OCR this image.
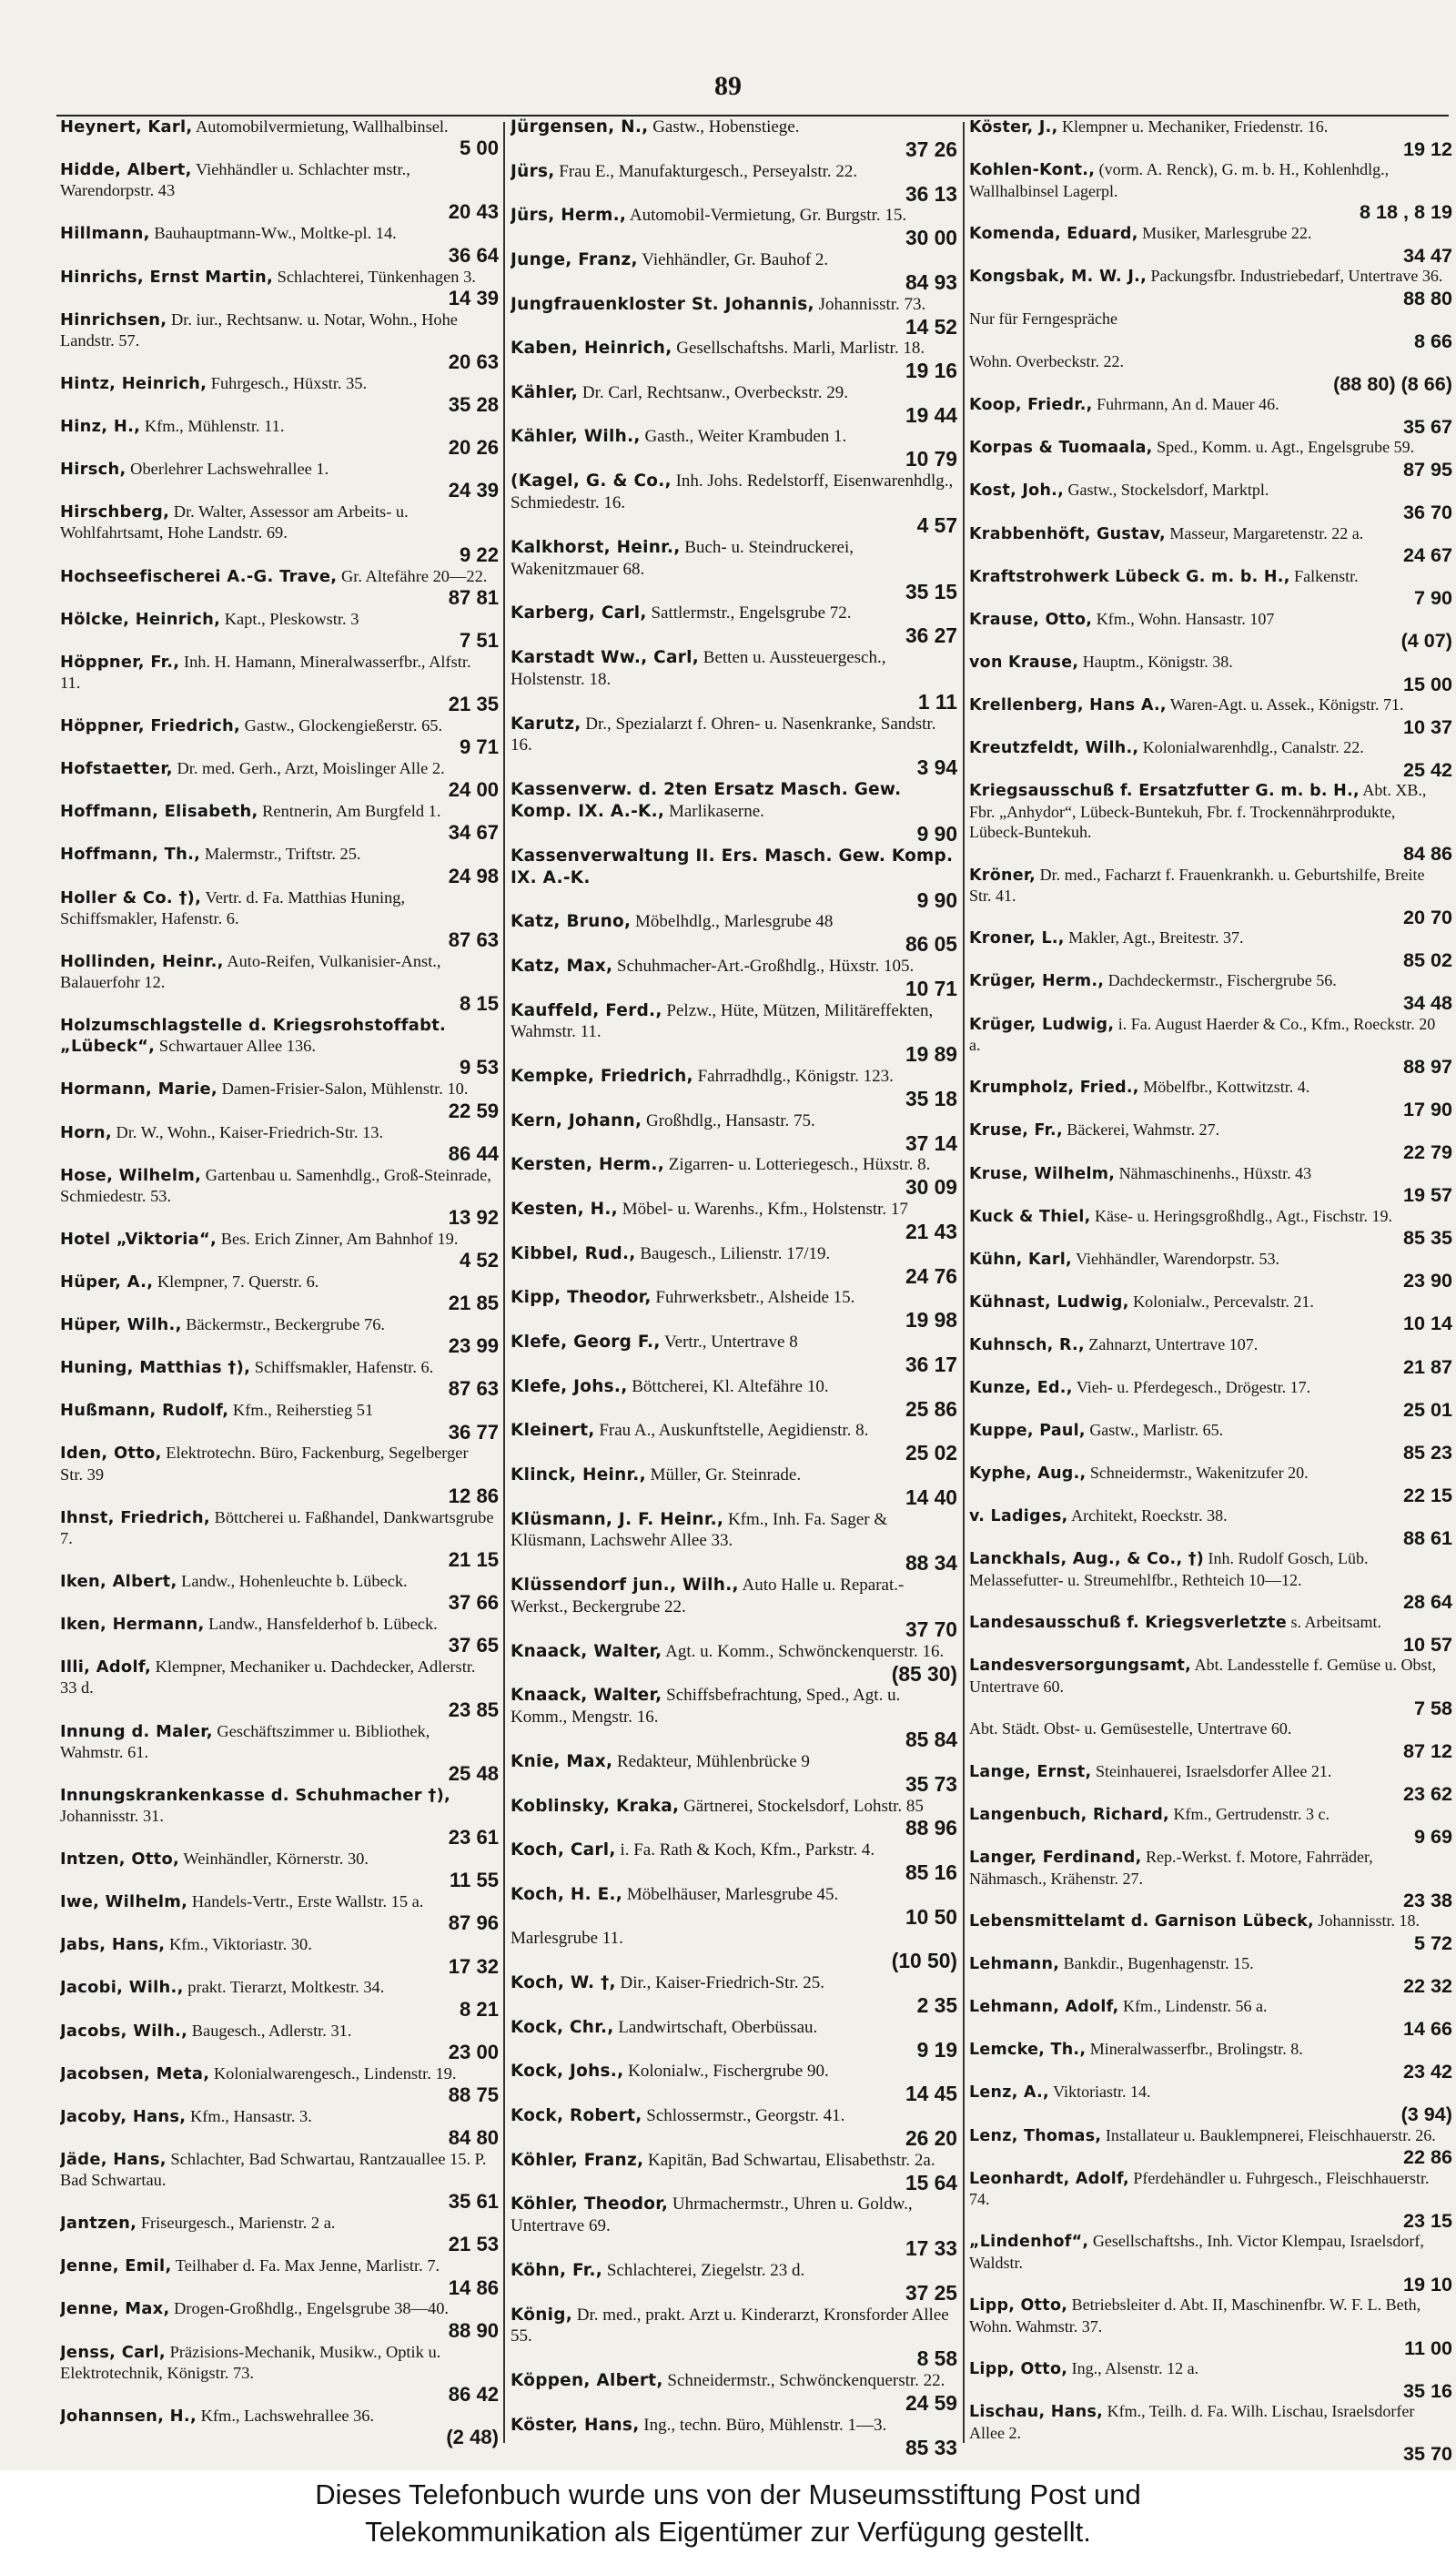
89
Heynert, Karl, Automobilvermietung, Wallhalbinsel.
5 00
Hidde, Albert, Viehhändler u. Schlachter mstr., Warendorpstr. 43
20 43
Hillmann, Bauhauptmann-Ww., Moltke-pl. 14.
36 64
Hinrichs, Ernst Martin, Schlachterei, Tünkenhagen 3.
14 39
Hinrichsen, Dr. iur., Rechtsanw. u. Notar, Wohn., Hohe Landstr. 57.
20 63
Hintz, Heinrich, Fuhrgesch., Hüxstr. 35.
35 28
Hinz, H., Kfm., Mühlenstr. 11.
20 26
Hirsch, Oberlehrer Lachswehrallee 1.
24 39
Hirschberg, Dr. Walter, Assessor am Arbeits- u. Wohlfahrtsamt, Hohe Landstr. 69.
9 22
Hochseefischerei A.-G. Trave, Gr. Altefähre 20—22.
87 81
Hölcke, Heinrich, Kapt., Pleskowstr. 3
7 51
Höppner, Fr., Inh. H. Hamann, Mineralwasserfbr., Alfstr. 11.
21 35
Höppner, Friedrich, Gastw., Glockengießerstr. 65.
9 71
Hofstaetter, Dr. med. Gerh., Arzt, Moislinger Alle 2.
24 00
Hoffmann, Elisabeth, Rentnerin, Am Burgfeld 1.
34 67
Hoffmann, Th., Malermstr., Triftstr. 25.
24 98
Holler & Co. †), Vertr. d. Fa. Matthias Huning, Schiffsmakler, Hafenstr. 6.
87 63
Hollinden, Heinr., Auto-Reifen, Vulkanisier-Anst., Balauerfohr 12.
8 15
Holzumschlagstelle d. Kriegsrohstoffabt. „Lübeck“, Schwartauer Allee 136.
9 53
Hormann, Marie, Damen-Frisier-Salon, Mühlenstr. 10.
22 59
Horn, Dr. W., Wohn., Kaiser-Friedrich-Str. 13.
86 44
Hose, Wilhelm, Gartenbau u. Samenhdlg., Groß-Steinrade, Schmiedestr. 53.
13 92
Hotel „Viktoria“, Bes. Erich Zinner, Am Bahnhof 19.
4 52
Hüper, A., Klempner, 7. Querstr. 6.
21 85
Hüper, Wilh., Bäckermstr., Beckergrube 76.
23 99
Huning, Matthias †), Schiffsmakler, Hafenstr. 6.
87 63
Hußmann, Rudolf, Kfm., Reiherstieg 51
36 77
Iden, Otto, Elektrotechn. Büro, Fackenburg, Segelberger Str. 39
12 86
Ihnst, Friedrich, Böttcherei u. Faßhandel, Dankwartsgrube 7.
21 15
Iken, Albert, Landw., Hohenleuchte b. Lübeck.
37 66
Iken, Hermann, Landw., Hansfelderhof b. Lübeck.
37 65
Illi, Adolf, Klempner, Mechaniker u. Dachdecker, Adlerstr. 33 d.
23 85
Innung d. Maler, Geschäftszimmer u. Bibliothek, Wahmstr. 61.
25 48
Innungskrankenkasse d. Schuhmacher †), Johannisstr. 31.
23 61
Intzen, Otto, Weinhändler, Körnerstr. 30.
11 55
Iwe, Wilhelm, Handels-Vertr., Erste Wallstr. 15 a.
87 96
Jabs, Hans, Kfm., Viktoriastr. 30.
17 32
Jacobi, Wilh., prakt. Tierarzt, Moltkestr. 34.
8 21
Jacobs, Wilh., Baugesch., Adlerstr. 31.
23 00
Jacobsen, Meta, Kolonialwarengesch., Lindenstr. 19.
88 75
Jacoby, Hans, Kfm., Hansastr. 3.
84 80
Jäde, Hans, Schlachter, Bad Schwartau, Rantzauallee 15. P. Bad Schwartau.
35 61
Jantzen, Friseurgesch., Marienstr. 2 a.
21 53
Jenne, Emil, Teilhaber d. Fa. Max Jenne, Marlistr. 7.
14 86
Jenne, Max, Drogen-Großhdlg., Engelsgrube 38—40.
88 90
Jenss, Carl, Präzisions-Mechanik, Musikw., Optik u. Elektrotechnik, Königstr. 73.
86 42
Johannsen, H., Kfm., Lachswehrallee 36.
(2 48)
Jürgensen, N., Gastw., Hobenstiege.
37 26
Jürs, Frau E., Manufakturgesch., Perseyalstr. 22.
36 13
Jürs, Herm., Automobil-Vermietung, Gr. Burgstr. 15.
30 00
Junge, Franz, Viehhändler, Gr. Bauhof 2.
84 93
Jungfrauenkloster St. Johannis, Johannisstr. 73.
14 52
Kaben, Heinrich, Gesellschaftshs. Marli, Marlistr. 18.
19 16
Kähler, Dr. Carl, Rechtsanw., Overbeckstr. 29.
19 44
Kähler, Wilh., Gasth., Weiter Krambuden 1.
10 79
(Kagel, G. & Co., Inh. Johs. Redelstorff, Eisenwarenhdlg., Schmiedestr. 16.
4 57
Kalkhorst, Heinr., Buch- u. Steindruckerei, Wakenitzmauer 68.
35 15
Karberg, Carl, Sattlermstr., Engelsgrube 72.
36 27
Karstadt Ww., Carl, Betten u. Aussteuergesch., Holstenstr. 18.
1 11
Karutz, Dr., Spezialarzt f. Ohren- u. Nasenkranke, Sandstr. 16.
3 94
Kassenverw. d. 2ten Ersatz Masch. Gew. Komp. IX. A.-K., Marlikaserne.
9 90
Kassenverwaltung II. Ers. Masch. Gew. Komp. IX. A.-K.
9 90
Katz, Bruno, Möbelhdlg., Marlesgrube 48
86 05
Katz, Max, Schuhmacher-Art.-Großhdlg., Hüxstr. 105.
10 71
Kauffeld, Ferd., Pelzw., Hüte, Mützen, Militäreffekten, Wahmstr. 11.
19 89
Kempke, Friedrich, Fahrradhdlg., Königstr. 123.
35 18
Kern, Johann, Großhdlg., Hansastr. 75.
37 14
Kersten, Herm., Zigarren- u. Lotteriegesch., Hüxstr. 8.
30 09
Kesten, H., Möbel- u. Warenhs., Kfm., Holstenstr. 17
21 43
Kibbel, Rud., Baugesch., Lilienstr. 17/19.
24 76
Kipp, Theodor, Fuhrwerksbetr., Alsheide 15.
19 98
Klefe, Georg F., Vertr., Untertrave 8
36 17
Klefe, Johs., Böttcherei, Kl. Altefähre 10.
25 86
Kleinert, Frau A., Auskunftstelle, Aegidienstr. 8.
25 02
Klinck, Heinr., Müller, Gr. Steinrade.
14 40
Klüsmann, J. F. Heinr., Kfm., Inh. Fa. Sager & Klüsmann, Lachswehr Allee 33.
88 34
Klüssendorf jun., Wilh., Auto Halle u. Reparat.-Werkst., Beckergrube 22.
37 70
Knaack, Walter, Agt. u. Komm., Schwönckenquerstr. 16.
(85 30)
Knaack, Walter, Schiffsbefrachtung, Sped., Agt. u. Komm., Mengstr. 16.
85 84
Knie, Max, Redakteur, Mühlenbrücke 9
35 73
Koblinsky, Kraka, Gärtnerei, Stockelsdorf, Lohstr. 85
88 96
Koch, Carl, i. Fa. Rath & Koch, Kfm., Parkstr. 4.
85 16
Koch, H. E., Möbelhäuser, Marlesgrube 45.
10 50
Marlesgrube 11.
(10 50)
Koch, W. †, Dir., Kaiser-Friedrich-Str. 25.
2 35
Kock, Chr., Landwirtschaft, Oberbüssau.
9 19
Kock, Johs., Kolonialw., Fischergrube 90.
14 45
Kock, Robert, Schlossermstr., Georgstr. 41.
26 20
Köhler, Franz, Kapitän, Bad Schwartau, Elisabethstr. 2a.
15 64
Köhler, Theodor, Uhrmachermstr., Uhren u. Goldw., Untertrave 69.
17 33
Köhn, Fr., Schlachterei, Ziegelstr. 23 d.
37 25
König, Dr. med., prakt. Arzt u. Kinderarzt, Kronsforder Allee 55.
8 58
Köppen, Albert, Schneidermstr., Schwönckenquerstr. 22.
24 59
Köster, Hans, Ing., techn. Büro, Mühlenstr. 1—3.
85 33
Köster, J., Klempner u. Mechaniker, Friedenstr. 16.
19 12
Kohlen-Kont., (vorm. A. Renck), G. m. b. H., Kohlenhdlg., Wallhalbinsel Lagerpl.
8 18 , 8 19
Komenda, Eduard, Musiker, Marlesgrube 22.
34 47
Kongsbak, M. W. J., Packungsfbr. Industriebedarf, Untertrave 36.
88 80
Nur für Ferngespräche
8 66
Wohn. Overbeckstr. 22.
(88 80) (8 66)
Koop, Friedr., Fuhrmann, An d. Mauer 46.
35 67
Korpas & Tuomaala, Sped., Komm. u. Agt., Engelsgrube 59.
87 95
Kost, Joh., Gastw., Stockelsdorf, Marktpl.
36 70
Krabbenhöft, Gustav, Masseur, Margaretenstr. 22 a.
24 67
Kraftstrohwerk Lübeck G. m. b. H., Falkenstr.
7 90
Krause, Otto, Kfm., Wohn. Hansastr. 107
(4 07)
von Krause, Hauptm., Königstr. 38.
15 00
Krellenberg, Hans A., Waren-Agt. u. Assek., Königstr. 71.
10 37
Kreutzfeldt, Wilh., Kolonialwarenhdlg., Canalstr. 22.
25 42
Kriegsausschuß f. Ersatzfutter G. m. b. H., Abt. XB., Fbr. „Anhydor“, Lübeck-Buntekuh, Fbr. f. Trockennährprodukte, Lübeck-Buntekuh.
84 86
Kröner, Dr. med., Facharzt f. Frauenkrankh. u. Geburtshilfe, Breite Str. 41.
20 70
Kroner, L., Makler, Agt., Breitestr. 37.
85 02
Krüger, Herm., Dachdeckermstr., Fischergrube 56.
34 48
Krüger, Ludwig, i. Fa. August Haerder & Co., Kfm., Roeckstr. 20 a.
88 97
Krumpholz, Fried., Möbelfbr., Kottwitzstr. 4.
17 90
Kruse, Fr., Bäckerei, Wahmstr. 27.
22 79
Kruse, Wilhelm, Nähmaschinenhs., Hüxstr. 43
19 57
Kuck & Thiel, Käse- u. Heringsgroßhdlg., Agt., Fischstr. 19.
85 35
Kühn, Karl, Viehhändler, Warendorpstr. 53.
23 90
Kühnast, Ludwig, Kolonialw., Percevalstr. 21.
10 14
Kuhnsch, R., Zahnarzt, Untertrave 107.
21 87
Kunze, Ed., Vieh- u. Pferdegesch., Drögestr. 17.
25 01
Kuppe, Paul, Gastw., Marlistr. 65.
85 23
Kyphe, Aug., Schneidermstr., Wakenitzufer 20.
22 15
v. Ladiges, Architekt, Roeckstr. 38.
88 61
Lanckhals, Aug., & Co., †) Inh. Rudolf Gosch, Lüb. Melassefutter- u. Streumehlfbr., Rethteich 10—12.
28 64
Landesausschuß f. Kriegsverletzte s. Arbeitsamt.
10 57
Landesversorgungsamt, Abt. Landesstelle f. Gemüse u. Obst, Untertrave 60.
7 58
Abt. Städt. Obst- u. Gemüsestelle, Untertrave 60.
87 12
Lange, Ernst, Steinhauerei, Israelsdorfer Allee 21.
23 62
Langenbuch, Richard, Kfm., Gertrudenstr. 3 c.
9 69
Langer, Ferdinand, Rep.-Werkst. f. Motore, Fahrräder, Nähmasch., Krähenstr. 27.
23 38
Lebensmittelamt d. Garnison Lübeck, Johannisstr. 18.
5 72
Lehmann, Bankdir., Bugenhagenstr. 15.
22 32
Lehmann, Adolf, Kfm., Lindenstr. 56 a.
14 66
Lemcke, Th., Mineralwasserfbr., Brolingstr. 8.
23 42
Lenz, A., Viktoriastr. 14.
(3 94)
Lenz, Thomas, Installateur u. Bauklempnerei, Fleischhauerstr. 26.
22 86
Leonhardt, Adolf, Pferdehändler u. Fuhrgesch., Fleischhauerstr. 74.
23 15
„Lindenhof“, Gesellschaftshs., Inh. Victor Klempau, Israelsdorf, Waldstr.
19 10
Lipp, Otto, Betriebsleiter d. Abt. II, Maschinenfbr. W. F. L. Beth, Wohn. Wahmstr. 37.
11 00
Lipp, Otto, Ing., Alsenstr. 12 a.
35 16
Lischau, Hans, Kfm., Teilh. d. Fa. Wilh. Lischau, Israelsdorfer Allee 2.
35 70
Dieses Telefonbuch wurde uns von der Museumsstiftung Post und
Telekommunikation als Eigentümer zur Verfügung gestellt.
